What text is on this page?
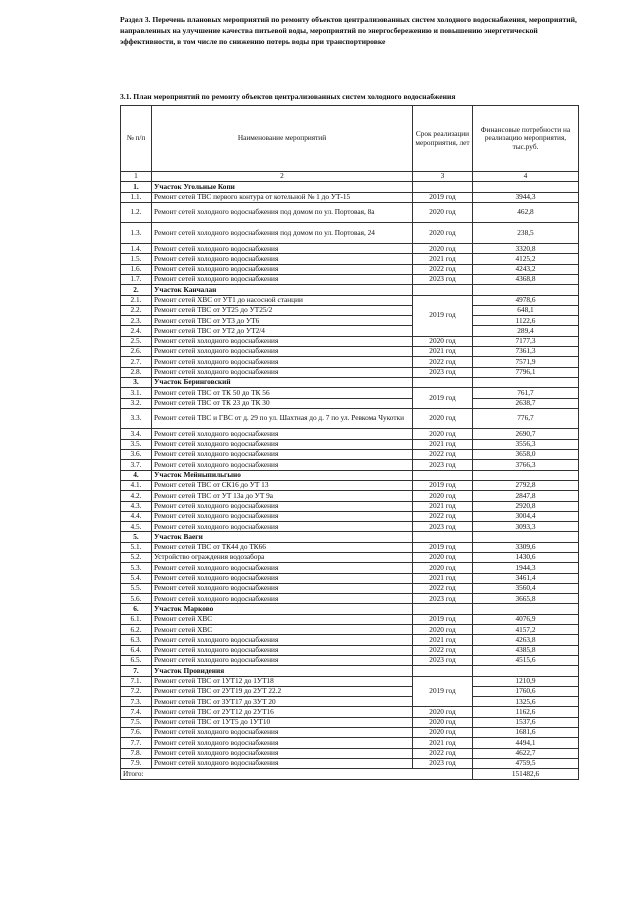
Раздел 3. Перечень плановых мероприятий по ремонту объектов централизованных систем холодного водоснабжения, мероприятий, направленных на улучшение качества питьевой воды, мероприятий по энергосбережению и повышению энергетической эффективности, в том числе по снижению потерь воды при транспортировке
3.1. План мероприятий по ремонту объектов централизованных систем холодного водоснабжения
№ п/п	Наименование мероприятий	Срок реализации мероприятия, лет	Финансовые потребности на реализацию мероприятия, тыс.руб.
1	2	3	4
1.	Участок Угольные Копи		
1.1.	Ремонт сетей ТВС первого контура от котельной № 1 до УТ-15	2019 год	3944,3
1.2.	Ремонт сетей холодного водоснабжения под домом по ул. Портовая, 8а	2020 год	462,8
1.3.	Ремонт сетей холодного водоснабжения под домом по ул. Портовая, 24	2020 год	238,5
1.4.	Ремонт сетей холодного водоснабжения	2020 год	3320,8
1.5.	Ремонт сетей холодного водоснабжения	2021 год	4125,2
1.6.	Ремонт сетей холодного водоснабжения	2022 год	4243,2
1.7.	Ремонт сетей холодного водоснабжения	2023 год	4368,8
2.	Участок Канчалан		
2.1.	Ремонт сетей ХВС от УТ1 до насосной станции	2019 год	4978,6
2.2.	Ремонт сетей ТВС от УТ25 до УТ25/2		648,1
2.3.	Ремонт сетей ТВС от УТ3 до УТ6		1122,6
2.4.	Ремонт сетей ТВС от УТ2 до УТ2/4		289,4
2.5.	Ремонт сетей холодного водоснабжения	2020 год	7177,3
2.6.	Ремонт сетей холодного водоснабжения	2021 год	7361,3
2.7.	Ремонт сетей холодного водоснабжения	2022 год	7571,9
2.8.	Ремонт сетей холодного водоснабжения	2023 год	7796,1
3.	Участок Беринговский		
3.1.	Ремонт сетей ТВС от ТК 50 до ТК 56	2019 год	761,7
3.2.	Ремонт сетей ТВС от ТК 23 до ТК 30		2638,7
3.3.	Ремонт сетей ТВС и ГВС от д. 29 по ул. Шахтная до д. 7 по ул. Ревкома Чукотки	2020 год	776,7
3.4.	Ремонт сетей холодного водоснабжения	2020 год	2690,7
3.5.	Ремонт сетей холодного водоснабжения	2021 год	3556,3
3.6.	Ремонт сетей холодного водоснабжения	2022 год	3658,0
3.7.	Ремонт сетей холодного водоснабжения	2023 год	3766,3
4.	Участок Мейныпильгыно		
4.1.	Ремонт сетей ТВС от СК16 до УТ 13	2019 год	2792,8
4.2.	Ремонт сетей ТВС от УТ 13а до УТ 9а	2020 год	2847,8
4.3.	Ремонт сетей холодного водоснабжения	2021 год	2920,8
4.4.	Ремонт сетей холодного водоснабжения	2022 год	3004,4
4.5.	Ремонт сетей холодного водоснабжения	2023 год	3093,3
5.	Участок Ваеги		
5.1.	Ремонт сетей ТВС от ТК44 до ТК66	2019 год	3309,6
5.2.	Устройство ограждения водозабора	2020 год	1430,6
5.3.	Ремонт сетей холодного водоснабжения	2020 год	1944,3
5.4.	Ремонт сетей холодного водоснабжения	2021 год	3461,4
5.5.	Ремонт сетей холодного водоснабжения	2022 год	3560,4
5.6.	Ремонт сетей холодного водоснабжения	2023 год	3665,8
6.	Участок Марково		
6.1.	Ремонт сетей ХВС	2019 год	4076,9
6.2.	Ремонт сетей ХВС	2020 год	4157,2
6.3.	Ремонт сетей холодного водоснабжения	2021 год	4263,8
6.4.	Ремонт сетей холодного водоснабжения	2022 год	4385,8
6.5.	Ремонт сетей холодного водоснабжения	2023 год	4515,6
7.	Участок Провидения		
7.1.	Ремонт сетей ТВС от 1УТ12 до 1УТ18	2019 год	1210,9
7.2.	Ремонт сетей ТВС от 2УТ19 до 2УТ 22.2		1760,6
7.3.	Ремонт сетей ТВС от 3УТ17 до 3УТ 20		1325,6
7.4.	Ремонт сетей ТВС от 2УТ12 до 2УТ16	2020 год	1162,6
7.5.	Ремонт сетей ТВС от 1УТ5 до 1УТ10	2020 год	1537,6
7.6.	Ремонт сетей холодного водоснабжения	2020 год	1681,6
7.7.	Ремонт сетей холодного водоснабжения	2021 год	4494,1
7.8.	Ремонт сетей холодного водоснабжения	2022 год	4622,7
7.9.	Ремонт сетей холодного водоснабжения	2023 год	4759,5
Итого:			151482,6
